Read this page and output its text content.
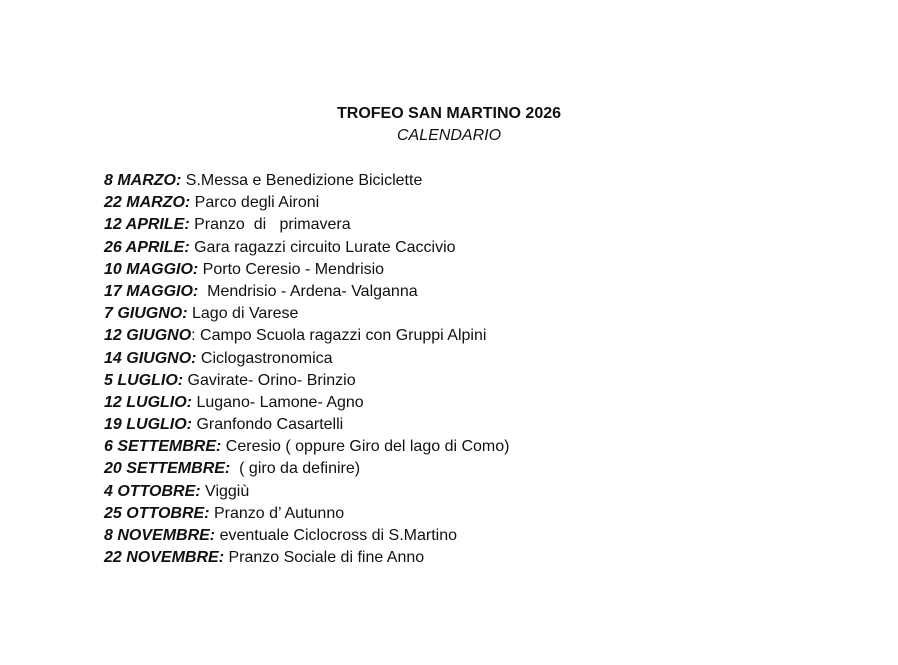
TROFEO SAN MARTINO 2026
CALENDARIO
8 MARZO: S.Messa e Benedizione Biciclette
22 MARZO: Parco degli Aironi
12 APRILE: Pranzo  di   primavera
26 APRILE: Gara ragazzi circuito Lurate Caccivio
10 MAGGIO: Porto Ceresio - Mendrisio
17 MAGGIO:  Mendrisio - Ardena- Valganna
7 GIUGNO: Lago di Varese
12 GIUGNO: Campo Scuola ragazzi con Gruppi Alpini
14 GIUGNO: Ciclogastronomica
5 LUGLIO: Gavirate- Orino- Brinzio
12 LUGLIO: Lugano- Lamone- Agno
19 LUGLIO: Granfondo Casartelli
6 SETTEMBRE: Ceresio ( oppure Giro del lago di Como)
20 SETTEMBRE:  ( giro da definire)
4 OTTOBRE: Viggiù
25 OTTOBRE: Pranzo d’ Autunno
8 NOVEMBRE: eventuale Ciclocross di S.Martino
22 NOVEMBRE: Pranzo Sociale di fine Anno
